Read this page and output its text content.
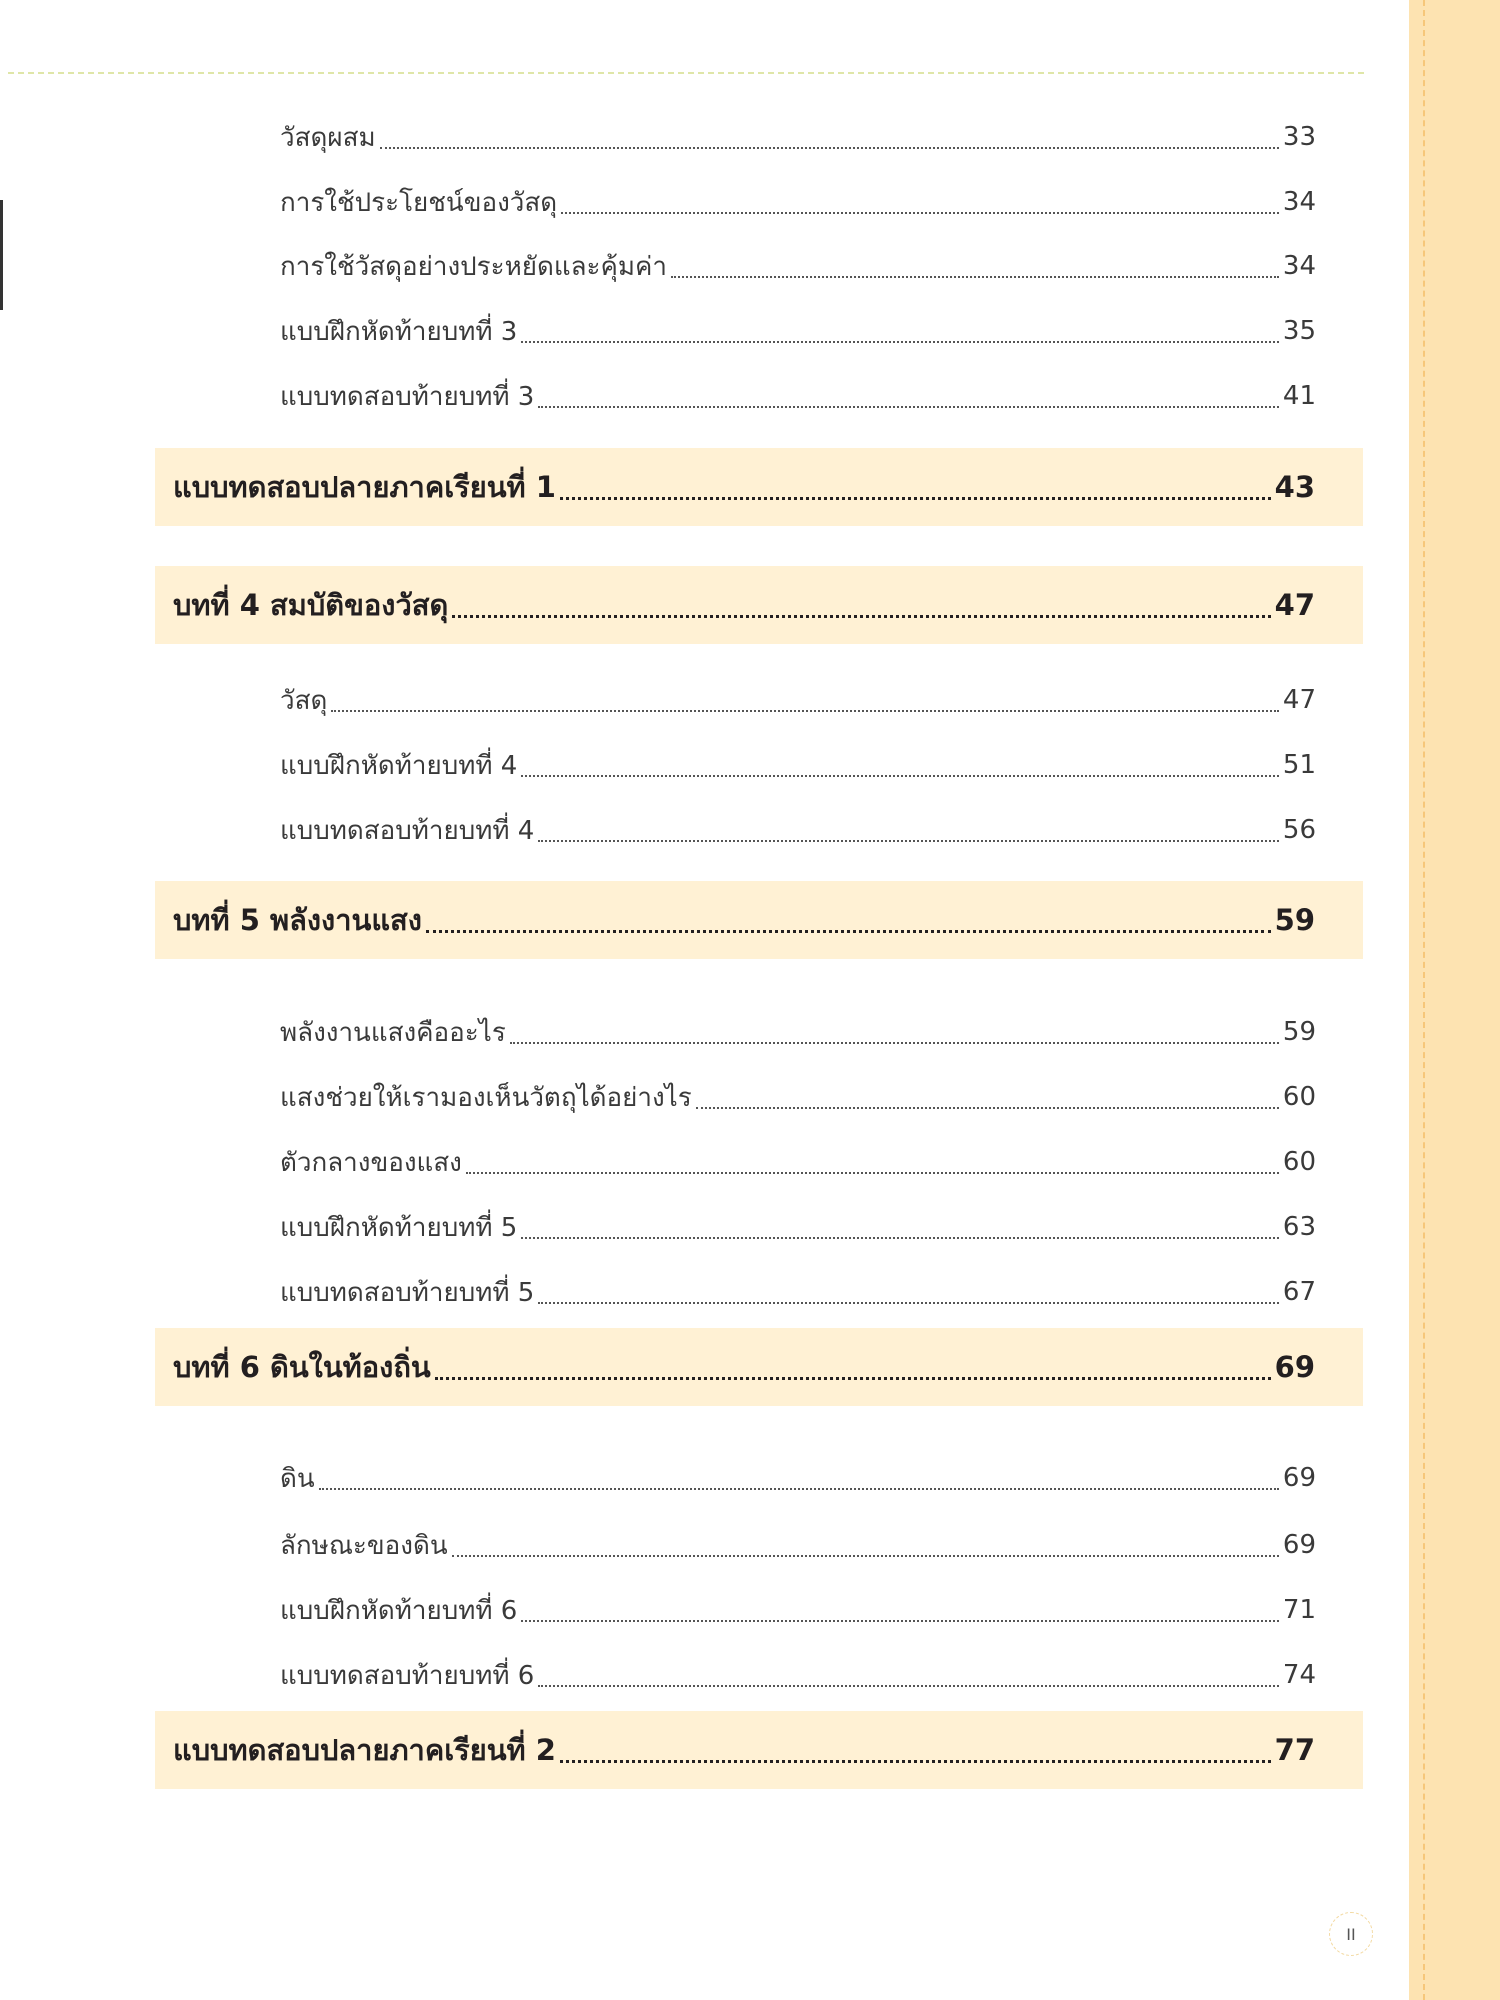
วัสดุผสม	33
การใช้ประโยชน์ของวัสดุ	34
การใช้วัสดุอย่างประหยัดและคุ้มค่า	34
แบบฝึกหัดท้ายบทที่ 3	35
แบบทดสอบท้ายบทที่ 3	41
แบบทดสอบปลายภาคเรียนที่ 1	43
บทที่ 4 สมบัติของวัสดุ	47
วัสดุ	47
แบบฝึกหัดท้ายบทที่ 4	51
แบบทดสอบท้ายบทที่ 4	56
บทที่ 5 พลังงานแสง	59
พลังงานแสงคืออะไร	59
แสงช่วยให้เรามองเห็นวัตถุได้อย่างไร	60
ตัวกลางของแสง	60
แบบฝึกหัดท้ายบทที่ 5	63
แบบทดสอบท้ายบทที่ 5	67
บทที่ 6 ดินในท้องถิ่น	69
ดิน	69
ลักษณะของดิน	69
แบบฝึกหัดท้ายบทที่ 6	71
แบบทดสอบท้ายบทที่ 6	74
แบบทดสอบปลายภาคเรียนที่ 2	77
II
